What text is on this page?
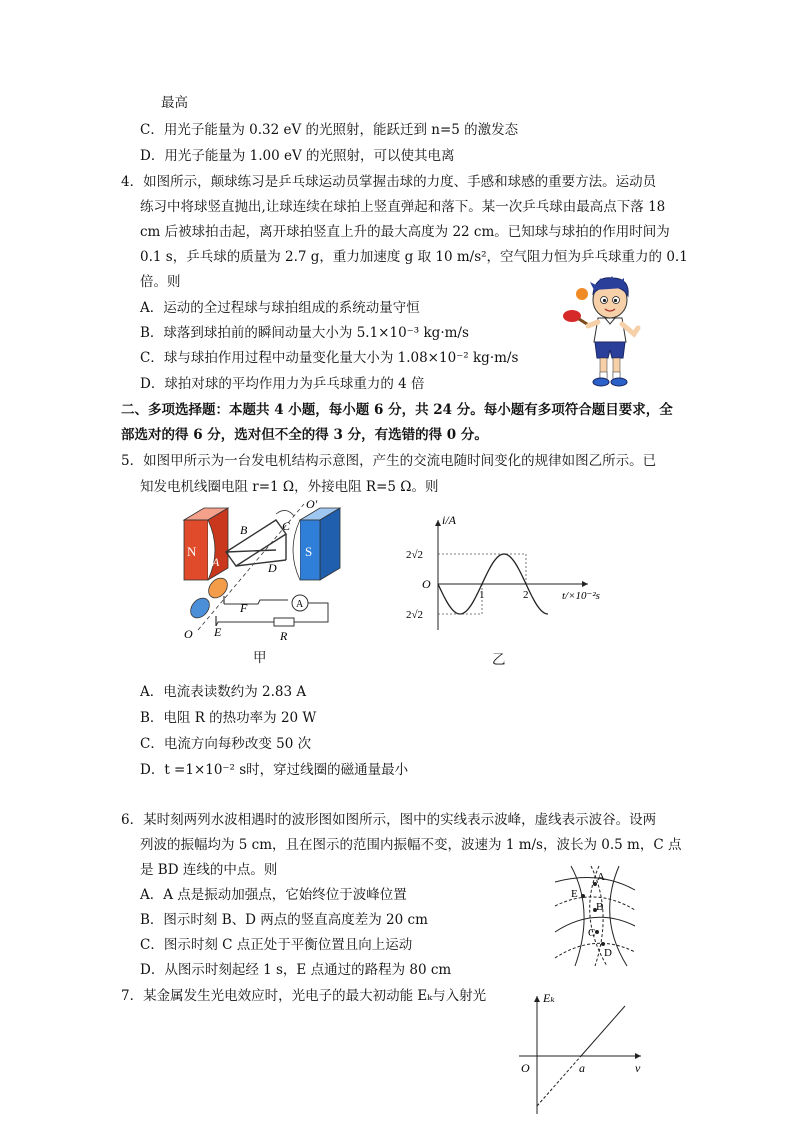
最高
C．用光子能量为 0.32 eV 的光照射，能跃迁到 n=5 的激发态
D．用光子能量为 1.00 eV 的光照射，可以使其电离
4．如图所示，颠球练习是乒乓球运动员掌握击球的力度、手感和球感的重要方法。运动员
练习中将球竖直抛出,让球连续在球拍上竖直弹起和落下。某一次乒乓球由最高点下落 18
cm 后被球拍击起，离开球拍竖直上升的最大高度为 22 cm。已知球与球拍的作用时间为
0.1 s，乒乓球的质量为 2.7 g，重力加速度 g 取 10 m/s²，空气阻力恒为乒乓球重力的 0.1
倍。则
A．运动的全过程球与球拍组成的系统动量守恒
B．球落到球拍前的瞬间动量大小为 5.1×10⁻³ kg·m/s
C．球与球拍作用过程中动量变化量大小为 1.08×10⁻² kg·m/s
D．球拍对球的平均作用力为乒乓球重力的 4 倍
二、多项选择题：本题共 4 小题，每小题 6 分，共 24 分。每小题有多项符合题目要求，全
部选对的得 6 分，选对但不全的得 3 分，有选错的得 0 分。
5．如图甲所示为一台发电机结构示意图，产生的交流电随时间变化的规律如图乙所示。已
知发电机线圈电阻 r=1 Ω，外接电阻 R=5 Ω。则
N	S
A
B	C
D
E
F
O
O′
R
A
甲
i/A
t/×10⁻²s
O
2√2
2√2
1	2
乙
A．电流表读数约为 2.83 A
B．电阻 R 的热功率为 20 W
C．电流方向每秒改变 50 次
D．t =1×10⁻² s时，穿过线圈的磁通量最小
6．某时刻两列水波相遇时的波形图如图所示，图中的实线表示波峰，虚线表示波谷。设两
列波的振幅均为 5 cm，且在图示的范围内振幅不变，波速为 1 m/s，波长为 0.5 m，C 点
是 BD 连线的中点。则
A．A 点是振动加强点，它始终位于波峰位置
B．图示时刻 B、D 两点的竖直高度差为 20 cm
C．图示时刻 C 点正处于平衡位置且向上运动
D．从图示时刻起经 1 s，E 点通过的路程为 80 cm
A
E
B
C
D
7．某金属发生光电效应时，光电子的最大初动能 Eₖ与入射光	Eₖ
ν
O	a
